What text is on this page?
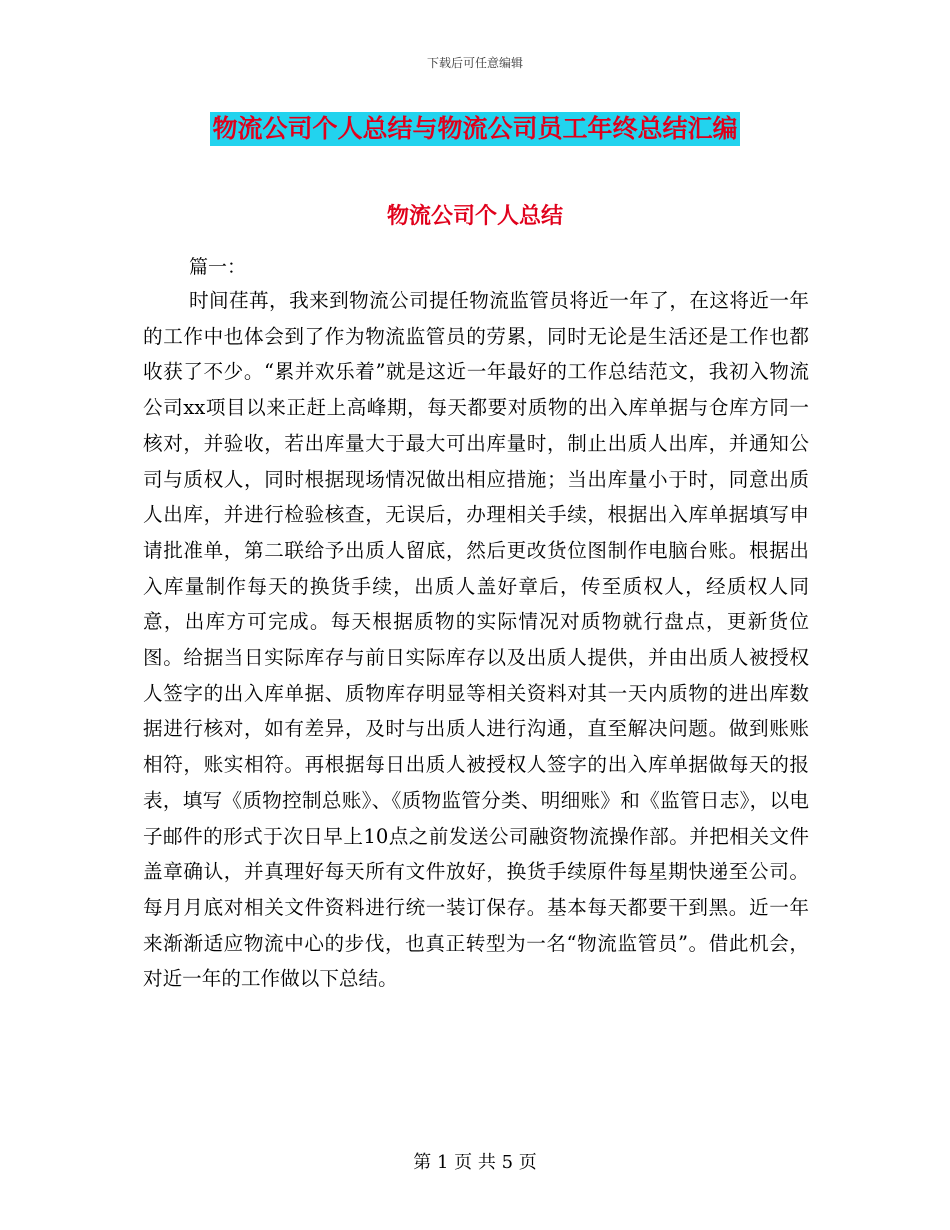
下载后可任意编辑
物流公司个人总结与物流公司员工年终总结汇编
物流公司个人总结
篇一：

时间荏苒，我来到物流公司提任物流监管员将近一年了，在这将近一年的工作中也体会到了作为物流监管员的劳累，同时无论是生活还是工作也都收获了不少。“累并欢乐着”就是这近一年最好的工作总结范文，我初入物流公司xx项目以来正赶上高峰期，每天都要对质物的出入库单据与仓库方同一核对，并验收，若出库量大于最大可出库量时，制止出质人出库，并通知公司与质权人，同时根据现场情况做出相应措施；当出库量小于时，同意出质人出库，并进行检验核查，无误后，办理相关手续，根据出入库单据填写申请批准单，第二联给予出质人留底，然后更改货位图制作电脑台账。根据出入库量制作每天的换货手续，出质人盖好章后，传至质权人，经质权人同意，出库方可完成。每天根据质物的实际情况对质物就行盘点，更新货位图。给据当日实际库存与前日实际库存以及出质人提供，并由出质人被授权人签字的出入库单据、质物库存明显等相关资料对其一天内质物的进出库数据进行核对，如有差异，及时与出质人进行沟通，直至解决问题。做到账账相符，账实相符。再根据每日出质人被授权人签字的出入库单据做每天的报表，填写《质物控制总账》、《质物监管分类、明细账》和《监管日志》，以电子邮件的形式于次日早上10点之前发送公司融资物流操作部。并把相关文件盖章确认，并真理好每天所有文件放好，换货手续原件每星期快递至公司。每月月底对相关文件资料进行统一装订保存。基本每天都要干到黑。近一年来渐渐适应物流中心的步伐，也真正转型为一名“物流监管员”。借此机会，对近一年的工作做以下总结。

第 1 页 共 5 页
